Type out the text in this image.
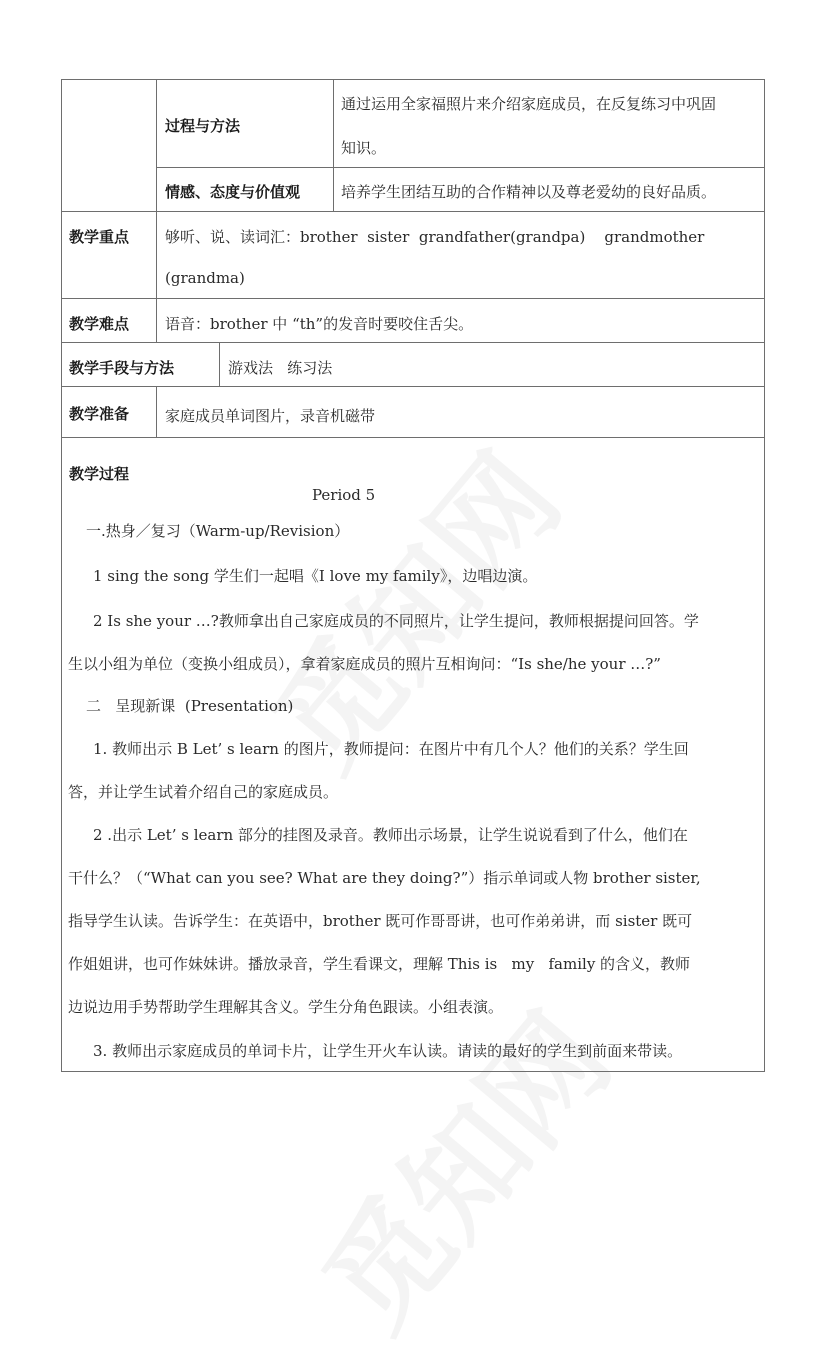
过程与方法
通过运用全家福照片来介绍家庭成员，在反复练习中巩固
知识。
情感、态度与价值观	培养学生团结互助的合作精神以及尊老爱幼的良好品质。
教学重点 够听、说、读词汇：brother  sister  grandfather(grandpa)    grandmother
(grandma)
教学难点 语音：brother 中 “th”的发音时要咬住舌尖。
教学手段与方法	游戏法   练习法
教学准备 家庭成员单词图片，录音机磁带
教学过程
Period 5
一.热身／复习（Warm-up/Revision）
1 sing the song 学生们一起唱《I love my family》，边唱边演。
2 Is she your …?教师拿出自己家庭成员的不同照片，让学生提问，教师根据提问回答。学
生以小组为单位（变换小组成员），拿着家庭成员的照片互相询问：“Is she/he your …?”
二   呈现新课  (Presentation)
1. 教师出示 B Let’ s learn 的图片，教师提问：在图片中有几个人？他们的关系？学生回
答，并让学生试着介绍自己的家庭成员。
2 .出示 Let’ s learn 部分的挂图及录音。教师出示场景，让学生说说看到了什么，他们在
干什么？（“What can you see? What are they doing?”）指示单词或人物 brother sister,
指导学生认读。告诉学生：在英语中，brother 既可作哥哥讲，也可作弟弟讲，而 sister 既可
作姐姐讲，也可作妹妹讲。播放录音，学生看课文，理解 This is   my   family 的含义，教师
边说边用手势帮助学生理解其含义。学生分角色跟读。小组表演。
3. 教师出示家庭成员的单词卡片，让学生开火车认读。请读的最好的学生到前面来带读。
